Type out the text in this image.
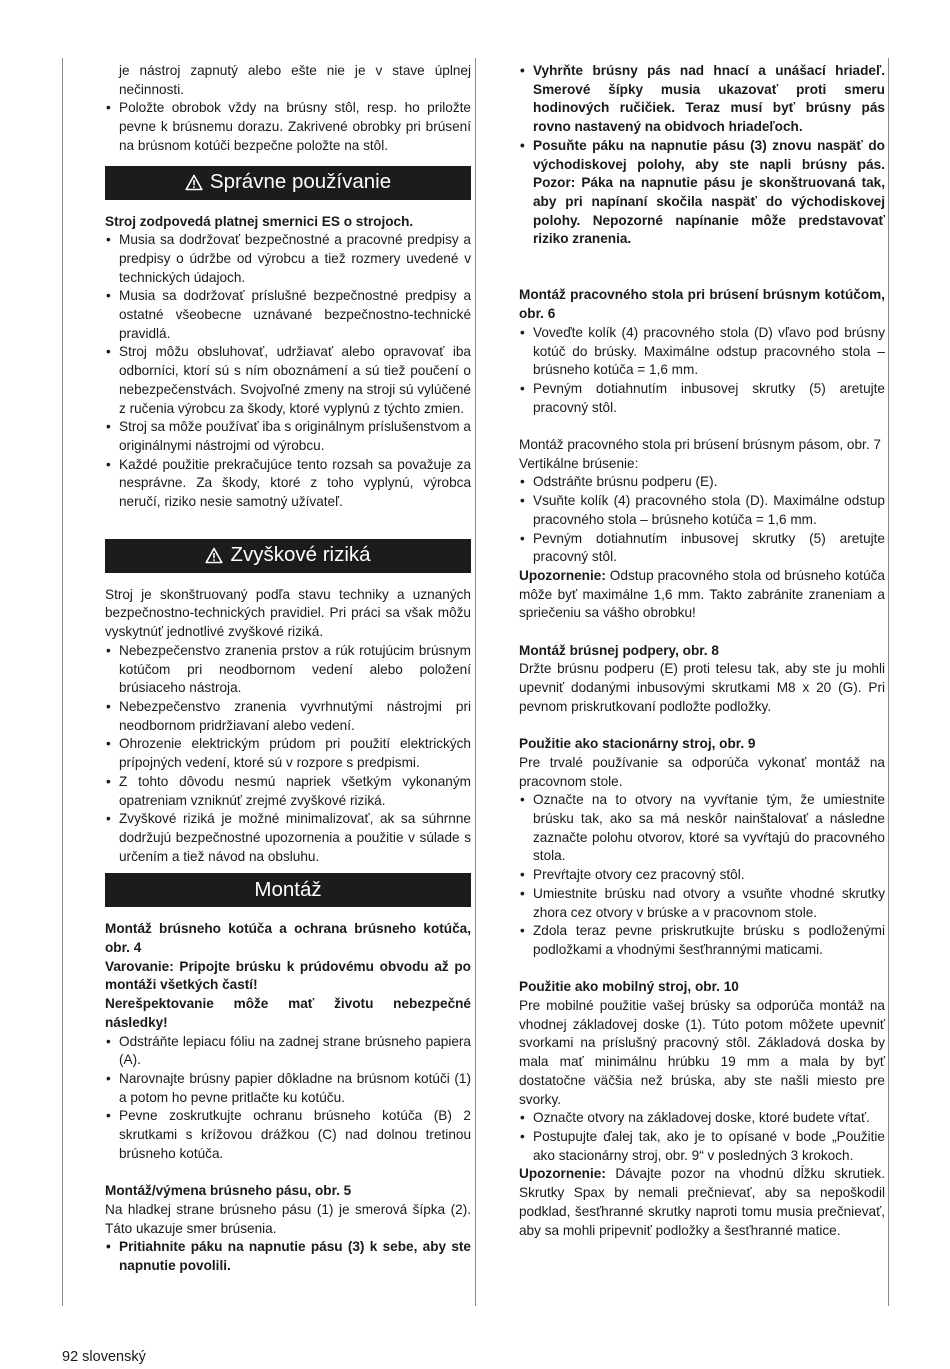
je nástroj zapnutý alebo ešte nie je v stave úplnej nečinnosti.

• Položte obrobok vždy na brúsny stôl, resp. ho priložte pevne k brúsnemu dorazu. Zakrivené obrobky pri brúsení na brúsnom kotúči bezpečne položte na stôl.
Správne používanie

Stroj zodpovedá platnej smernici ES o strojoch.

• Musia sa dodržovať bezpečnostné a pracovné predpisy a predpisy o údržbe od výrobcu a tiež rozmery uvedené v technických údajoch.
• Musia sa dodržovať príslušné bezpečnostné predpisy a ostatné všeobecne uznávané bezpečnostno-technické pravidlá.
• Stroj môžu obsluhovať, udržiavať alebo opravovať iba odborníci, ktorí sú s ním oboznámení a sú tiež poučení o nebezpečenstvách. Svojvoľné zmeny na stroji sú vylúčené z ručenia výrobcu za škody, ktoré vyplynú z týchto zmien.
• Stroj sa môže používať iba s originálnym príslušenstvom a originálnymi nástrojmi od výrobcu.
• Každé použitie prekračujúce tento rozsah sa považuje za nesprávne. Za škody, ktoré z toho vyplynú, výrobca neručí, riziko nesie samotný užívateľ.
Zvyškové riziká

Stroj je skonštruovaný podľa stavu techniky a uznaných bezpečnostno-technických pravidiel. Pri práci sa však môžu vyskytnúť jednotlivé zvyškové riziká.

• Nebezpečenstvo zranenia prstov a rúk rotujúcim brúsnym kotúčom pri neodbornom vedení alebo položení brúsiaceho nástroja.
• Nebezpečenstvo zranenia vyvrhnutými nástrojmi pri neodbornom pridržiavaní alebo vedení.
• Ohrozenie elektrickým prúdom pri použití elektrických prípojných vedení, ktoré sú v rozpore s predpismi.
• Z tohto dôvodu nesmú napriek všetkým vykonaným opatreniam vzniknúť zrejmé zvyškové riziká.
• Zvyškové riziká je možné minimalizovať, ak sa súhrnne dodržujú bezpečnostné upozornenia a použitie v súlade s určením a tiež návod na obsluhu.
Montáž

Montáž brúsneho kotúča a ochrana brúsneho kotúča, obr. 4

Varovanie: Pripojte brúsku k prúdovému obvodu až po montáži všetkých častí!

Nerešpektovanie môže mať životu nebezpečné následky!

• Odstráňte lepiacu fóliu na zadnej strane brúsneho papiera (A).
• Narovnajte brúsny papier dôkladne na brúsnom kotúči (1) a potom ho pevne pritlačte ku kotúču.
• Pevne zoskrutkujte ochranu brúsneho kotúča (B) 2 skrutkami s krížovou drážkou (C) nad dolnou tretinou brúsneho kotúča.

Montáž/výmena brúsneho pásu, obr. 5

Na hladkej strane brúsneho pásu (1) je smerová šípka (2). Táto ukazuje smer brúsenia.

• Pritiahnite páku na napnutie pásu (3) k sebe, aby ste napnutie povolili.
• Vyhrňte brúsny pás nad hnací a unášací hriadeľ. Smerové šípky musia ukazovať proti smeru hodinových ručičiek. Teraz musí byť brúsny pás rovno nastavený na obidvoch hriadeľoch.
• Posuňte páku na napnutie pásu (3) znovu naspäť do východiskovej polohy, aby ste napli brúsny pás. Pozor: Páka na napnutie pásu je skonštruovaná tak, aby pri napínaní skočila naspäť do východiskovej polohy. Nepozorné napínanie môže predstavovať riziko zranenia.

Montáž pracovného stola pri brúsení brúsnym kotúčom, obr. 6

• Voveďte kolík (4) pracovného stola (D) vľavo pod brúsny kotúč do brúsky. Maximálne odstup pracovného stola – brúsneho kotúča = 1,6 mm.
• Pevným dotiahnutím inbusovej skrutky (5) aretujte pracovný stôl.

Montáž pracovného stola pri brúsení brúsnym pásom, obr. 7

Vertikálne brúsenie:

• Odstráňte brúsnu podperu (E).
• Vsuňte kolík (4) pracovného stola (D). Maximálne odstup pracovného stola – brúsneho kotúča = 1,6 mm.
• Pevným dotiahnutím inbusovej skrutky (5) aretujte pracovný stôl.

Upozornenie: Odstup pracovného stola od brúsneho kotúča môže byť maximálne 1,6 mm. Takto zabránite zraneniam a spriečeniu sa vášho obrobku!

Montáž brúsnej podpery, obr. 8

Držte brúsnu podperu (E) proti telesu tak, aby ste ju mohli upevniť dodanými inbusovými skrutkami M8 x 20 (G). Pri pevnom priskrutkovaní podložte podložky.

Použitie ako stacionárny stroj, obr. 9

Pre trvalé používanie sa odporúča vykonať montáž na pracovnom stole.

• Označte na to otvory na vyvŕtanie tým, že umiestnite brúsku tak, ako sa má neskôr nainštalovať a následne zaznačte polohu otvorov, ktoré sa vyvŕtajú do pracovného stola.
• Prevŕtajte otvory cez pracovný stôl.
• Umiestnite brúsku nad otvory a vsuňte vhodné skrutky zhora cez otvory v brúske a v pracovnom stole.
• Zdola teraz pevne priskrutkujte brúsku s podloženými podložkami a vhodnými šesťhrannými maticami.

Použitie ako mobilný stroj, obr. 10

Pre mobilné použitie vašej brúsky sa odporúča montáž na vhodnej základovej doske (1). Túto potom môžete upevniť svorkami na príslušný pracovný stôl. Základová doska by mala mať minimálnu hrúbku 19 mm a mala by byť dostatočne väčšia než brúska, aby ste našli miesto pre svorky.

• Označte otvory na základovej doske, ktoré budete vŕtať.
• Postupujte ďalej tak, ako je to opísané v bode „Použitie ako stacionárny stroj, obr. 9“ v posledných 3 krokoch.

Upozornenie: Dávajte pozor na vhodnú dĺžku skrutiek. Skrutky Spax by nemali prečnievať, aby sa nepoškodil podklad, šesťhranné skrutky naproti tomu musia prečnievať, aby sa mohli pripevniť podložky a šesťhranné matice.

92 slovenský
